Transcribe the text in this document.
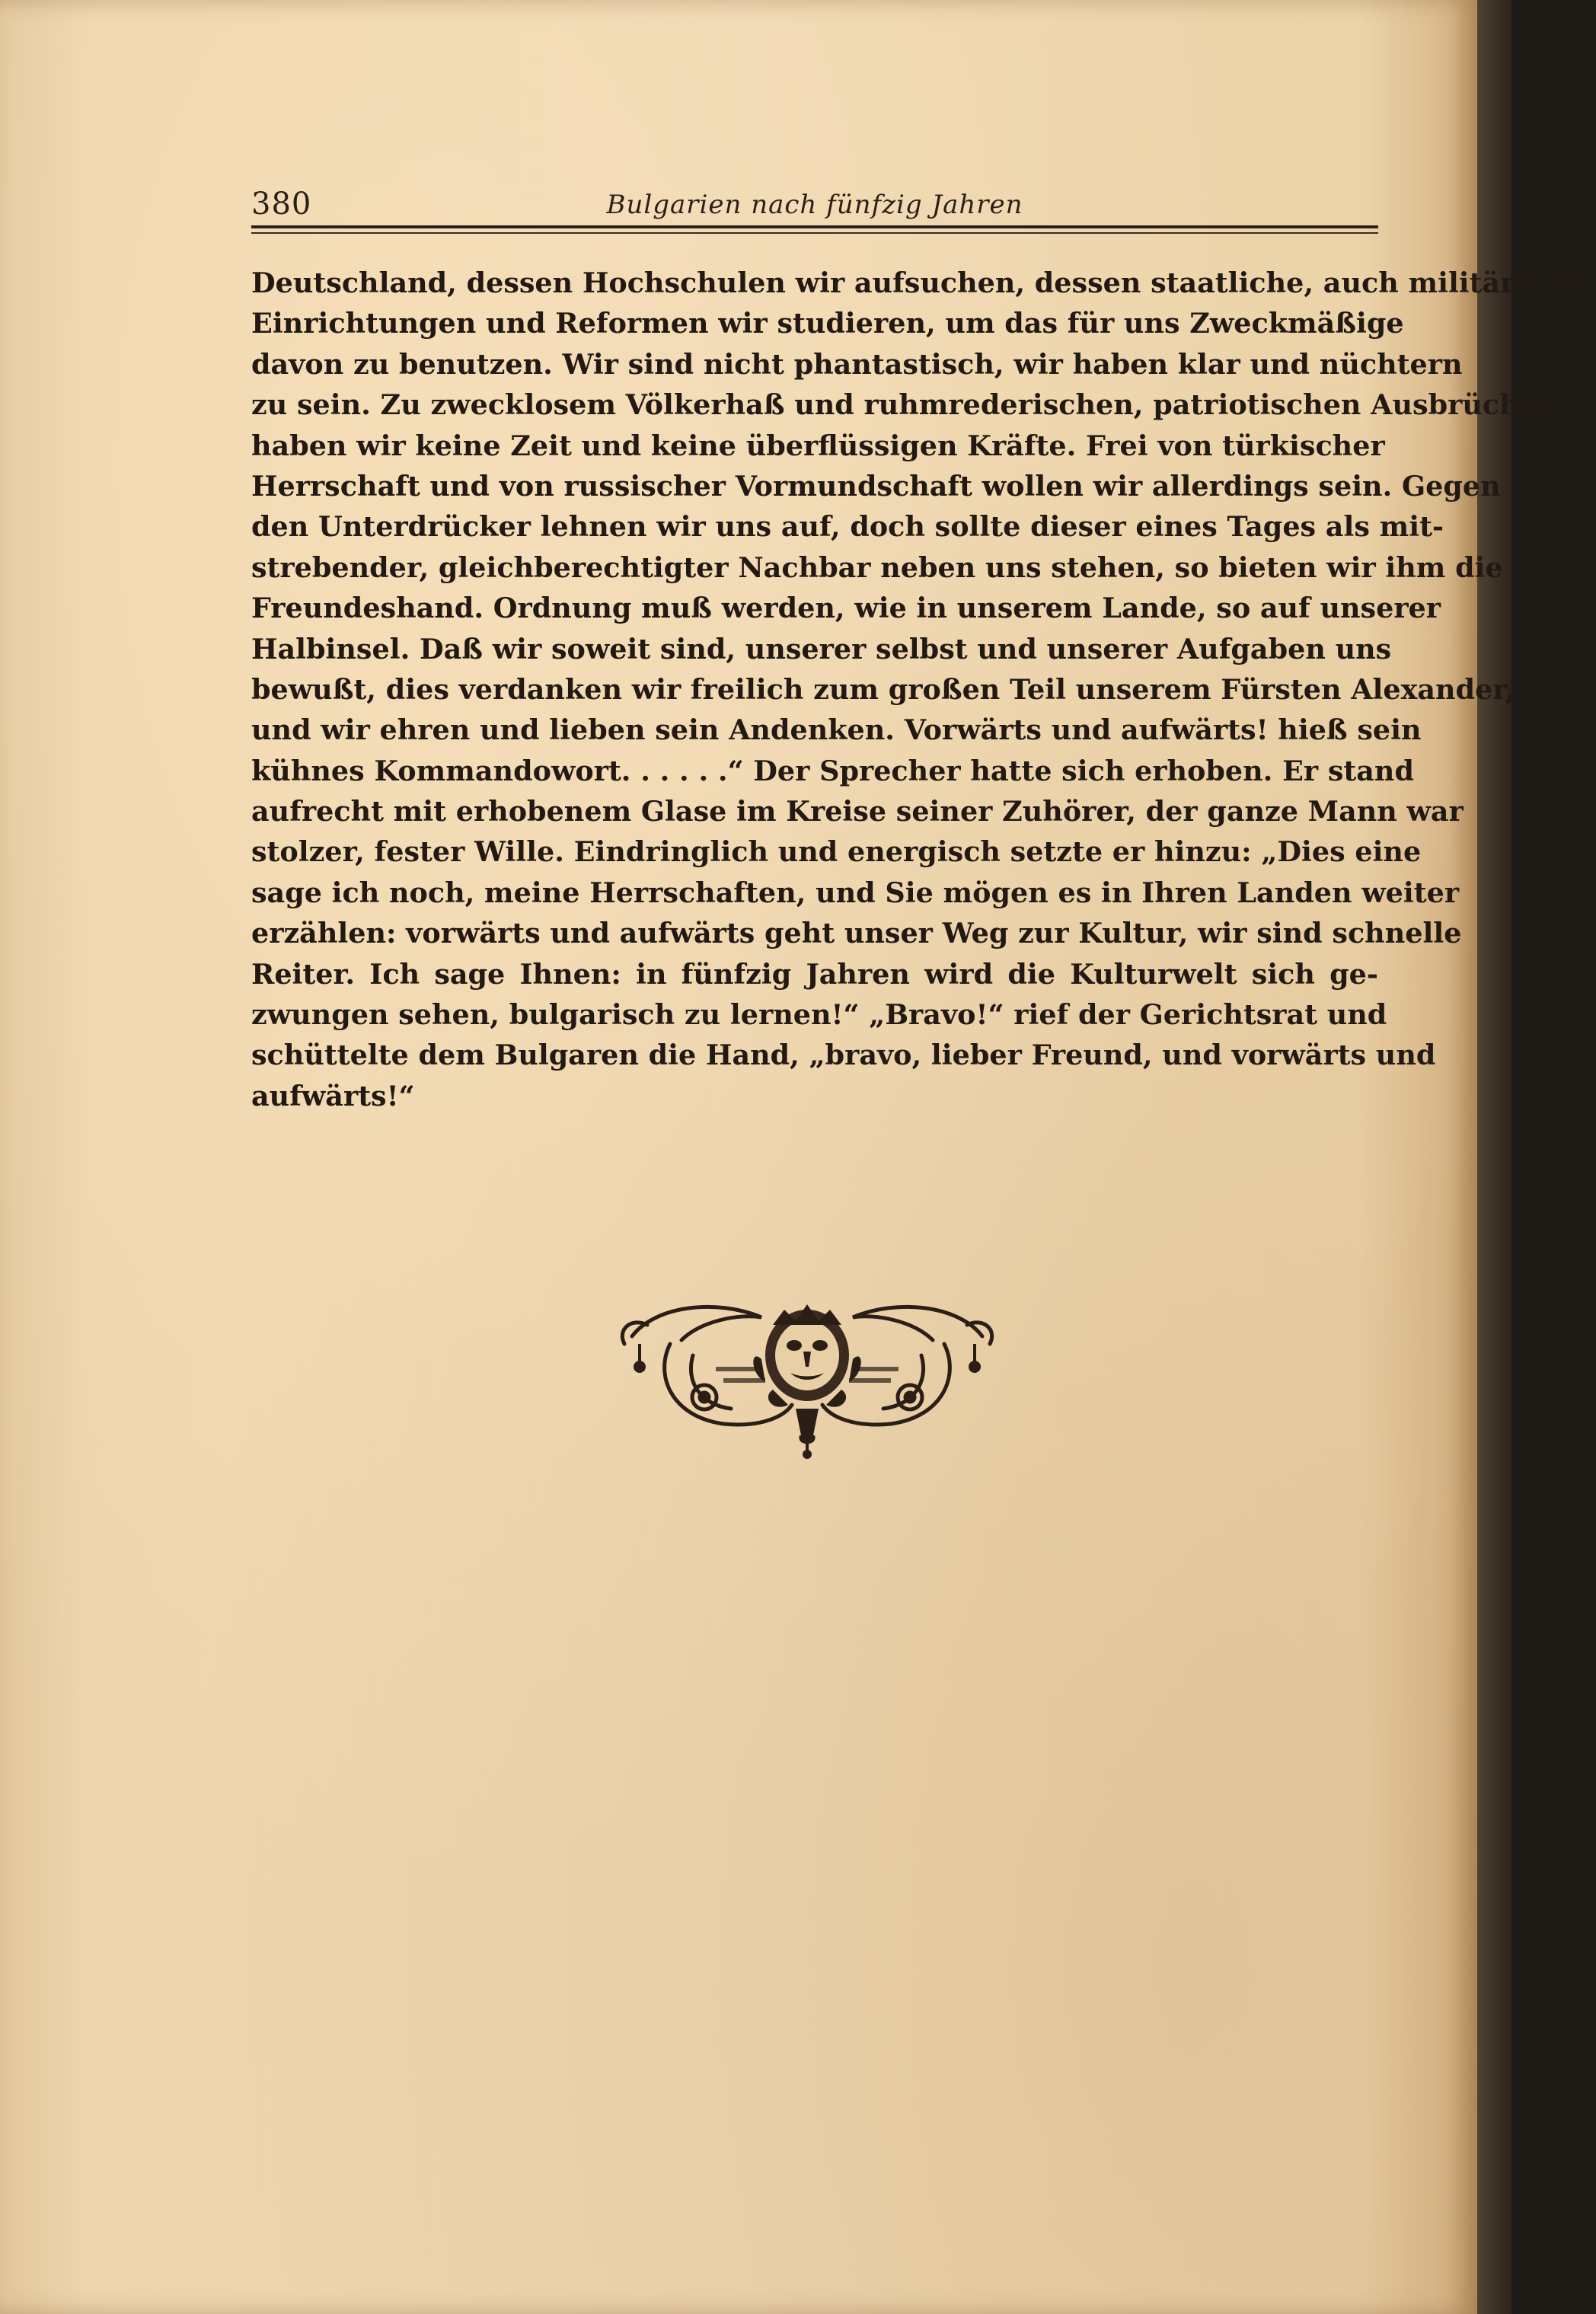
380	Bulgarien nach fünfzig Jahren
Deutschland, dessen Hochschulen wir aufsuchen, dessen staatliche, auch militärische
Einrichtungen und Reformen wir studieren, um das für uns Zweckmäßige
davon zu benutzen. Wir sind nicht phantastisch, wir haben klar und nüchtern
zu sein. Zu zwecklosem Völkerhaß und ruhmrederischen, patriotischen Ausbrüchen
haben wir keine Zeit und keine überflüssigen Kräfte. Frei von türkischer
Herrschaft und von russischer Vormundschaft wollen wir allerdings sein. Gegen
den Unterdrücker lehnen wir uns auf, doch sollte dieser eines Tages als mit-
strebender, gleichberechtigter Nachbar neben uns stehen, so bieten wir ihm die
Freundeshand. Ordnung muß werden, wie in unserem Lande, so auf unserer
Halbinsel. Daß wir soweit sind, unserer selbst und unserer Aufgaben uns
bewußt, dies verdanken wir freilich zum großen Teil unserem Fürsten Alexander,
und wir ehren und lieben sein Andenken. Vorwärts und aufwärts! hieß sein
kühnes Kommandowort. . . . . .“ Der Sprecher hatte sich erhoben. Er stand
aufrecht mit erhobenem Glase im Kreise seiner Zuhörer, der ganze Mann war
stolzer, fester Wille. Eindringlich und energisch setzte er hinzu: „Dies eine
sage ich noch, meine Herrschaften, und Sie mögen es in Ihren Landen weiter
erzählen: vorwärts und aufwärts geht unser Weg zur Kultur, wir sind schnelle
Reiter. Ich sage Ihnen: in fünfzig Jahren wird die Kulturwelt sich ge-
zwungen sehen, bulgarisch zu lernen!“ „Bravo!“ rief der Gerichtsrat und
schüttelte dem Bulgaren die Hand, „bravo, lieber Freund, und vorwärts und
aufwärts!“
